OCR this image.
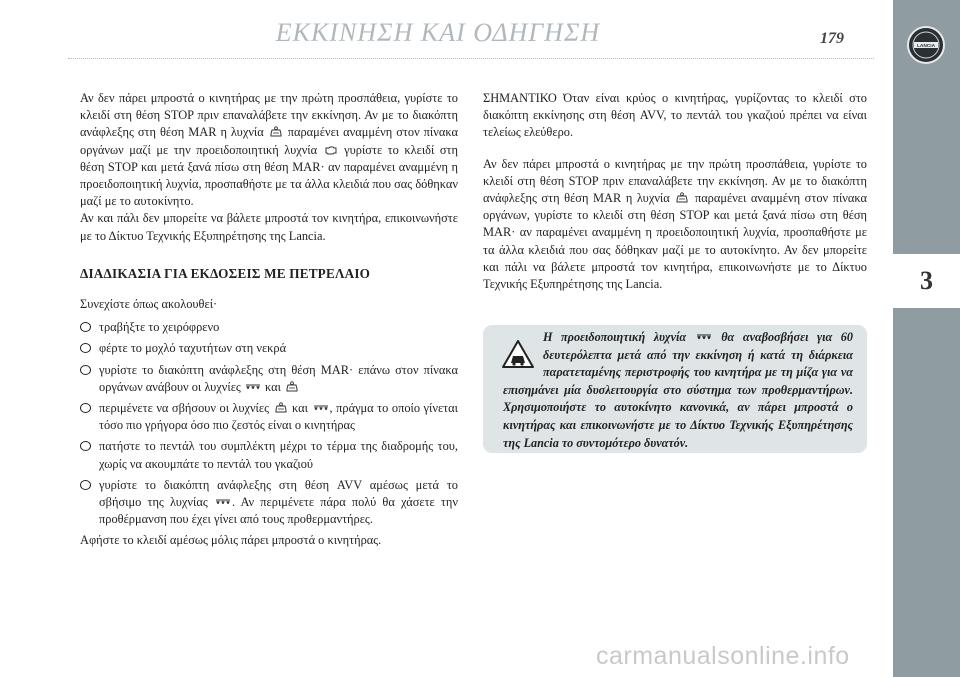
ΕΚΚΙΝΗΣΗ ΚΑΙ ΟΔΗΓΗΣΗ	179	LANCIA
3

Αν δεν πάρει μπροστά ο κινητήρας με την πρώτη προσπάθεια, γυρίστε το κλειδί στη θέση STOP πριν επαναλάβετε την εκκίνηση. Αν με το διακόπτη ανάφλεξης στη θέση MAR η λυχνία παραμένει αναμμένη στον πίνακα οργάνων μαζί με την προειδοποιητική λυχνία γυρίστε το κλειδί στη θέση STOP και μετά ξανά πίσω στη θέση MAR· αν παραμένει αναμμένη η προειδοποιητική λυχνία, προσπαθήστε με τα άλλα κλειδιά που σας δόθηκαν μαζί με το αυτοκίνητο.

Αν και πάλι δεν μπορείτε να βάλετε μπροστά τον κινητήρα, επικοινωνήστε με το Δίκτυο Τεχνικής Εξυπηρέτησης της Lancia.

ΔΙΑΔΙΚΑΣΙΑ ΓΙΑ ΕΚΔΟΣΕΙΣ ΜΕ ΠΕΤΡΕΛΑΙΟ

Συνεχίστε όπως ακολουθεί·

τραβήξτε το χειρόφρενο
φέρτε το μοχλό ταχυτήτων στη νεκρά
γυρίστε το διακόπτη ανάφλεξης στη θέση MAR· επάνω στον πίνακα οργάνων ανάβουν οι λυχνίες και
περιμένετε να σβήσουν οι λυχνίες και , πράγμα το οποίο γίνεται τόσο πιο γρήγορα όσο πιο ζεστός είναι ο κινητήρας
πατήστε το πεντάλ του συμπλέκτη μέχρι το τέρμα της διαδρομής του, χωρίς να ακουμπάτε το πεντάλ του γκαζιού
γυρίστε το διακόπτη ανάφλεξης στη θέση AVV αμέσως μετά το σβήσιμο της λυχνίας . Αν περιμένετε πάρα πολύ θα χάσετε την προθέρμανση που έχει γίνει από τους προθερμαντήρες.

Αφήστε το κλειδί αμέσως μόλις πάρει μπροστά ο κινητήρας.

ΣΗΜΑΝΤΙΚΟ Όταν είναι κρύος ο κινητήρας, γυρίζοντας το κλειδί στο διακόπτη εκκίνησης στη θέση AVV, το πεντάλ του γκαζιού πρέπει να είναι τελείως ελεύθερο.

Αν δεν πάρει μπροστά ο κινητήρας με την πρώτη προσπάθεια, γυρίστε το κλειδί στη θέση STOP πριν επαναλάβετε την εκκίνηση. Αν με το διακόπτη ανάφλεξης στη θέση MAR η λυχνία παραμένει αναμμένη στον πίνακα οργάνων, γυρίστε το κλειδί στη θέση STOP και μετά ξανά πίσω στη θέση MAR· αν παραμένει αναμμένη η προειδοποιητική λυχνία, προσπαθήστε με τα άλλα κλειδιά που σας δόθηκαν μαζί με το αυτοκίνητο. Αν δεν μπορείτε και πάλι να βάλετε μπροστά τον κινητήρα, επικοινωνήστε με το Δίκτυο Τεχνικής Εξυπηρέτησης της Lancia.

Η προειδοποιητική λυχνία	θα αναβοσβήσει για 60 δευτερόλεπτα μετά από την εκκίνηση ή κατά τη διάρκεια παρατεταμένης περιστροφής του κινητήρα με τη μίζα για να επισημάνει μία δυσλειτουργία στο σύστημα των προθερμαντήρων. Χρησιμοποιήστε το αυτοκίνητο κανονικά, αν πάρει μπροστά ο κινητήρας και επικοινωνήστε με το Δίκτυο Τεχνικής Εξυπηρέτησης της Lancia το συντομότερο δυνατόν.
carmanualsonline.info
